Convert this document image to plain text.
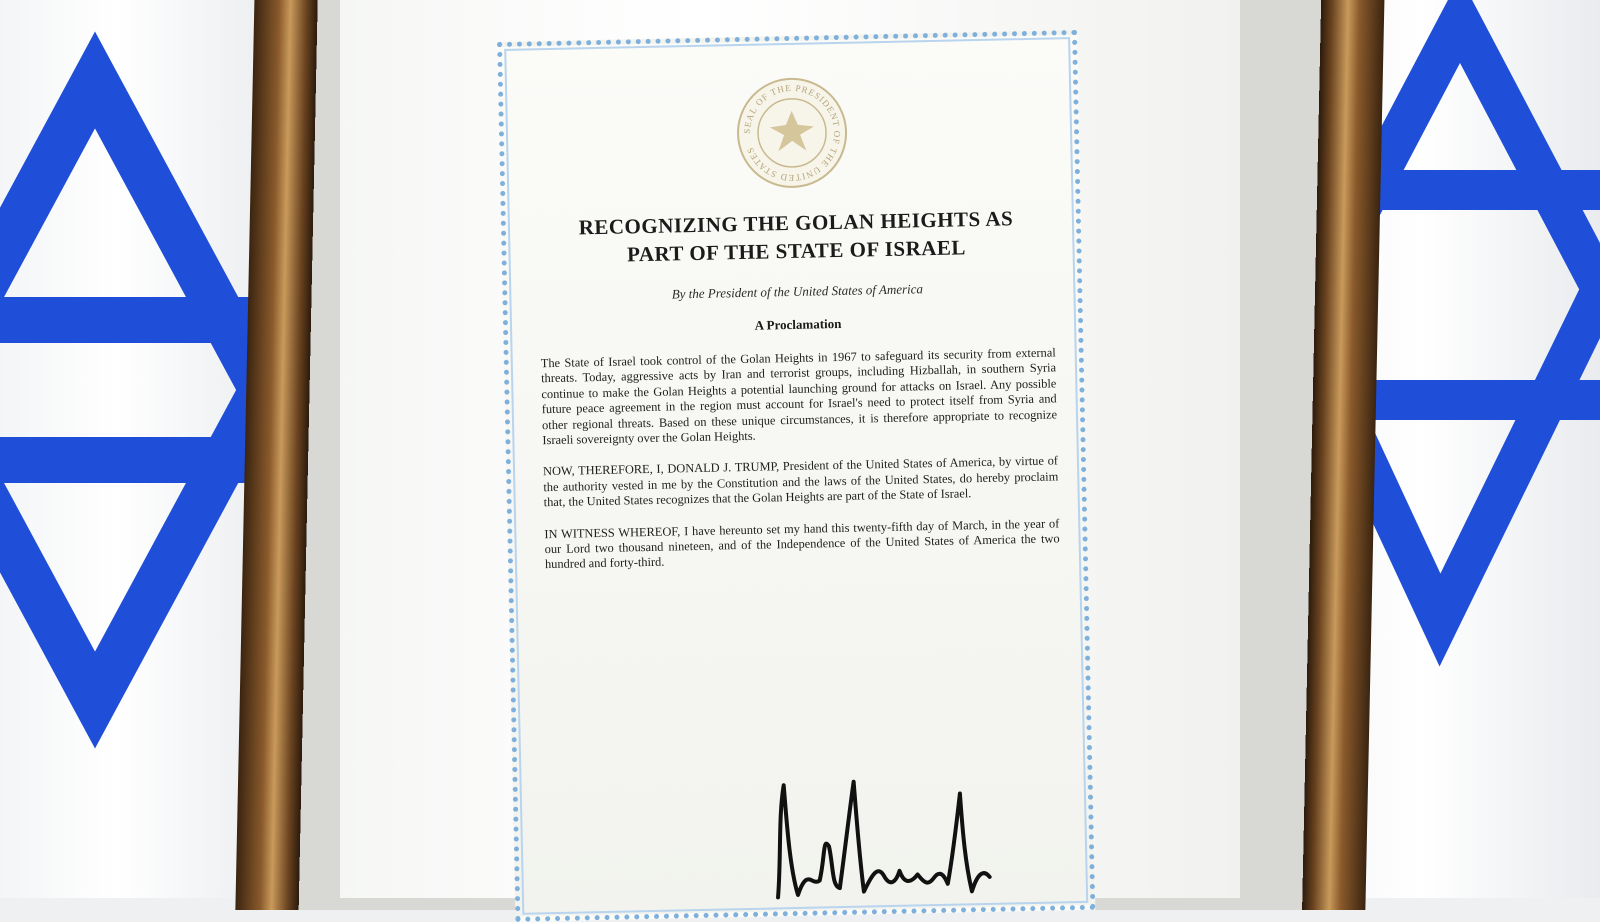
SEAL OF THE PRESIDENT OF THE UNITED STATES
RECOGNIZING THE GOLAN HEIGHTS AS
PART OF THE STATE OF ISRAEL
By the President of the United States of America
A Proclamation

The State of Israel took control of the Golan Heights in 1967 to safeguard its security from external threats. Today, aggressive acts by Iran and terrorist groups, including Hizballah, in southern Syria continue to make the Golan Heights a potential launching ground for attacks on Israel. Any possible future peace agreement in the region must account for Israel's need to protect itself from Syria and other regional threats. Based on these unique circumstances, it is therefore appropriate to recognize Israeli sovereignty over the Golan Heights.

NOW, THEREFORE, I, DONALD J. TRUMP, President of the United States of America, by virtue of the authority vested in me by the Constitution and the laws of the United States, do hereby proclaim that, the United States recognizes that the Golan Heights are part of the State of Israel.

IN WITNESS WHEREOF, I have hereunto set my hand this twenty-fifth day of March, in the year of our Lord two thousand nineteen, and of the Independence of the United States of America the two hundred and forty-third.
